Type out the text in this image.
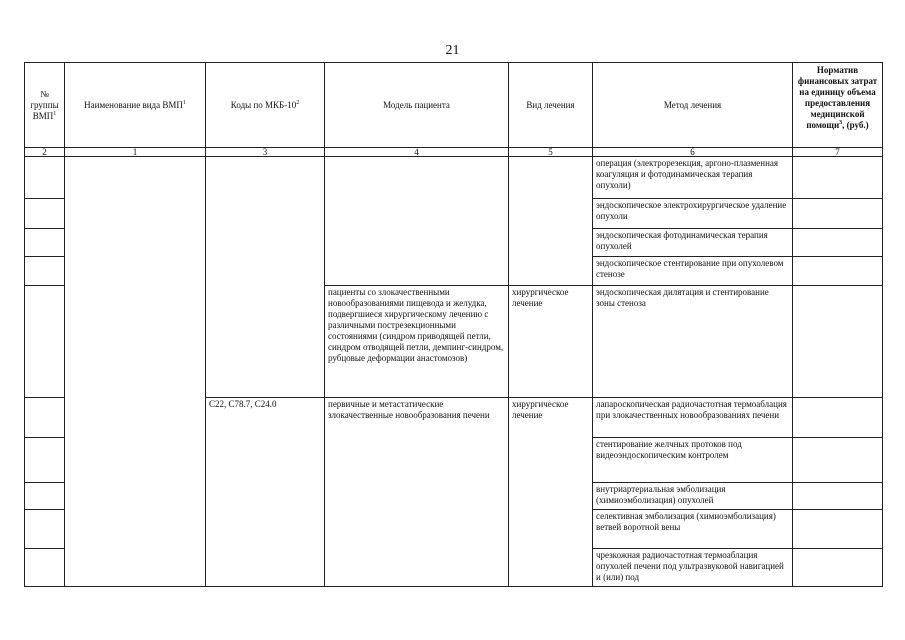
21
№ группы ВМП$^1$	Наименование вида ВМП$^1$	Коды по МКБ-$10^2$	Модель пациента	Вид лечения	Метод лечения	Норматив финансовых затрат на единицу объема предоставления медицинской помощи$^3$, (руб.)
2	1	3	4	5	6	7
					операция (электрорезекция, аргоно-плазменная коагуляция и фотодинамическая терапия опухоли)	
					эндоскопическое электрохирургическое удаление опухоли	
					эндоскопическая фотодинамическая терапия опухолей	
					эндоскопическое стентирование при опухолевом стенозе	
			пациенты со злокачественными новообразованиями пищевода и желудка, подвергшиеся хирургическому лечению с различными пострезекционными состояниями (синдром приводящей петли, синдром отводящей петли, демпинг-синдром, рубцовые деформации анастомозов)	хирургическое лечение	эндоскопическая дилятация и стентирование зоны стеноза	
		C22, C78.7, C24.0	первичные и метастатические злокачественные новообразования печени	хирургическое лечение	лапароскопическая радиочастотная термоаблация при злокачественных новообразованиях печени	
					стентирование желчных протоков под видеоэндоскопическим контролем	
					внутриартериальная эмболизация (химиоэмболизация) опухолей	
					селективная эмболизация (химиоэмболизация) ветвей воротной вены	
					чрезкожная радиочастотная термоаблация опухолей печени под ультразвуковой навигацией и (или) под	
